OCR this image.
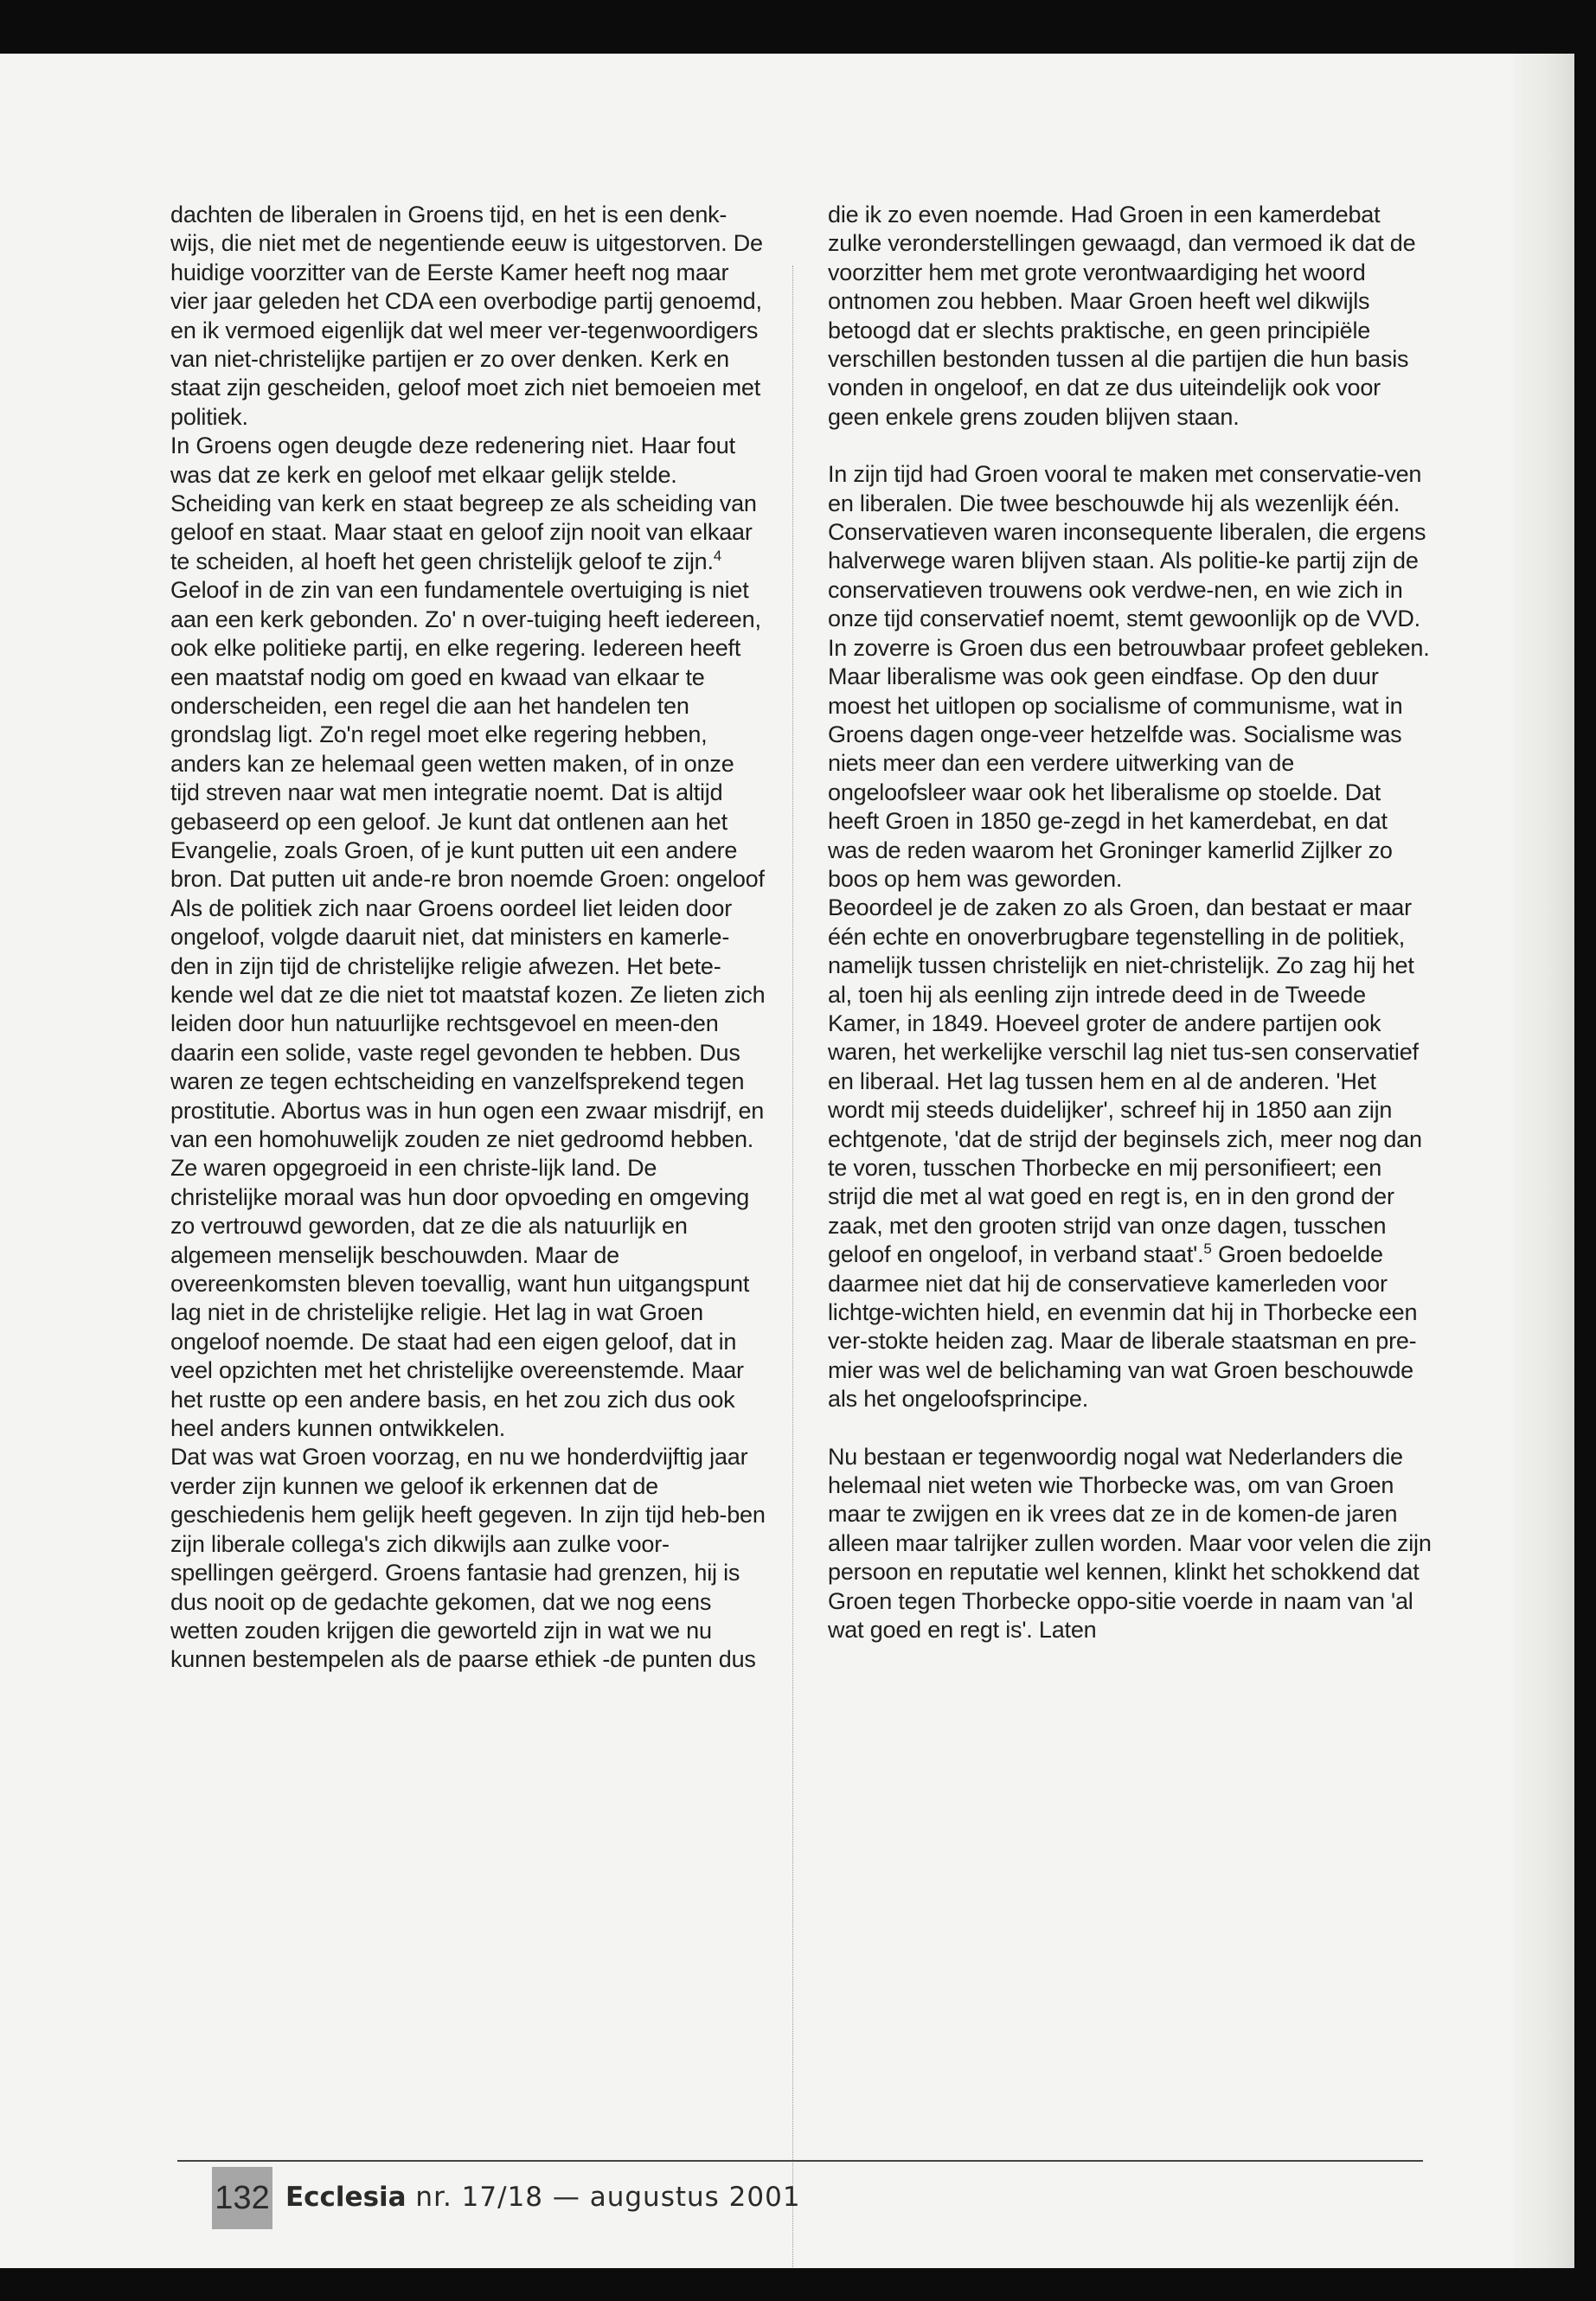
dachten de liberalen in Groens tijd, en het is een denk-wijs, die niet met de negentiende eeuw is uitgestorven. De huidige voorzitter van de Eerste Kamer heeft nog maar vier jaar geleden het CDA een overbodige partij genoemd, en ik vermoed eigenlijk dat wel meer ver-tegenwoordigers van niet-christelijke partijen er zo over denken. Kerk en staat zijn gescheiden, geloof moet zich niet bemoeien met politiek.

In Groens ogen deugde deze redenering niet. Haar fout was dat ze kerk en geloof met elkaar gelijk stelde. Scheiding van kerk en staat begreep ze als scheiding van geloof en staat. Maar staat en geloof zijn nooit van elkaar te scheiden, al hoeft het geen christelijk geloof te zijn.$^4$ Geloof in de zin van een fundamentele overtuiging is niet aan een kerk gebonden. Zo' n over-tuiging heeft iedereen, ook elke politieke partij, en elke regering. Iedereen heeft een maatstaf nodig om goed en kwaad van elkaar te onderscheiden, een regel die aan het handelen ten grondslag ligt. Zo'n regel moet elke regering hebben, anders kan ze helemaal geen wetten maken, of in onze tijd streven naar wat men integratie noemt. Dat is altijd gebaseerd op een geloof. Je kunt dat ontlenen aan het Evangelie, zoals Groen, of je kunt putten uit een andere bron. Dat putten uit ande-re bron noemde Groen: ongeloof

Als de politiek zich naar Groens oordeel liet leiden door ongeloof, volgde daaruit niet, dat ministers en kamerle-den in zijn tijd de christelijke religie afwezen. Het bete-kende wel dat ze die niet tot maatstaf kozen. Ze lieten zich leiden door hun natuurlijke rechtsgevoel en meen-den daarin een solide, vaste regel gevonden te hebben. Dus waren ze tegen echtscheiding en vanzelfsprekend tegen prostitutie. Abortus was in hun ogen een zwaar misdrijf, en van een homohuwelijk zouden ze niet gedroomd hebben. Ze waren opgegroeid in een christe-lijk land. De christelijke moraal was hun door opvoeding en omgeving zo vertrouwd geworden, dat ze die als natuurlijk en algemeen menselijk beschouwden. Maar de overeenkomsten bleven toevallig, want hun uitgangspunt lag niet in de christelijke religie. Het lag in wat Groen ongeloof noemde. De staat had een eigen geloof, dat in veel opzichten met het christelijke overeenstemde. Maar het rustte op een andere basis, en het zou zich dus ook heel anders kunnen ontwikkelen.

Dat was wat Groen voorzag, en nu we honderdvijftig jaar verder zijn kunnen we geloof ik erkennen dat de geschiedenis hem gelijk heeft gegeven. In zijn tijd heb-ben zijn liberale collega's zich dikwijls aan zulke voor-spellingen geërgerd. Groens fantasie had grenzen, hij is dus nooit op de gedachte gekomen, dat we nog eens wetten zouden krijgen die geworteld zijn in wat we nu kunnen bestempelen als de paarse ethiek -de punten dus

die ik zo even noemde. Had Groen in een kamerdebat zulke veronderstellingen gewaagd, dan vermoed ik dat de voorzitter hem met grote verontwaardiging het woord ontnomen zou hebben. Maar Groen heeft wel dikwijls betoogd dat er slechts praktische, en geen principiële verschillen bestonden tussen al die partijen die hun basis vonden in ongeloof, en dat ze dus uiteindelijk ook voor geen enkele grens zouden blijven staan.

In zijn tijd had Groen vooral te maken met conservatie-ven en liberalen. Die twee beschouwde hij als wezenlijk één. Conservatieven waren inconsequente liberalen, die ergens halverwege waren blijven staan. Als politie-ke partij zijn de conservatieven trouwens ook verdwe-nen, en wie zich in onze tijd conservatief noemt, stemt gewoonlijk op de VVD. In zoverre is Groen dus een betrouwbaar profeet gebleken. Maar liberalisme was ook geen eindfase. Op den duur moest het uitlopen op socialisme of communisme, wat in Groens dagen onge-veer hetzelfde was. Socialisme was niets meer dan een verdere uitwerking van de ongeloofsleer waar ook het liberalisme op stoelde. Dat heeft Groen in 1850 ge-zegd in het kamerdebat, en dat was de reden waarom het Groninger kamerlid Zijlker zo boos op hem was geworden.

Beoordeel je de zaken zo als Groen, dan bestaat er maar één echte en onoverbrugbare tegenstelling in de politiek, namelijk tussen christelijk en niet-christelijk. Zo zag hij het al, toen hij als eenling zijn intrede deed in de Tweede Kamer, in 1849. Hoeveel groter de andere partijen ook waren, het werkelijke verschil lag niet tus-sen conservatief en liberaal. Het lag tussen hem en al de anderen. 'Het wordt mij steeds duidelijker', schreef hij in 1850 aan zijn echtgenote, 'dat de strijd der beginsels zich, meer nog dan te voren, tusschen Thorbecke en mij personifieert; een strijd die met al wat goed en regt is, en in den grond der zaak, met den grooten strijd van onze dagen, tusschen geloof en ongeloof, in verband staat'.$^5$ Groen bedoelde daarmee niet dat hij de conservatieve kamerleden voor lichtge-wichten hield, en evenmin dat hij in Thorbecke een ver-stokte heiden zag. Maar de liberale staatsman en pre-mier was wel de belichaming van wat Groen beschouwde als het ongeloofsprincipe.

Nu bestaan er tegenwoordig nogal wat Nederlanders die helemaal niet weten wie Thorbecke was, om van Groen maar te zwijgen en ik vrees dat ze in de komen-de jaren alleen maar talrijker zullen worden. Maar voor velen die zijn persoon en reputatie wel kennen, klinkt het schokkend dat Groen tegen Thorbecke oppo-sitie voerde in naam van 'al wat goed en regt is'. Laten

132 Ecclesia nr. 17/18 — augustus 2001
